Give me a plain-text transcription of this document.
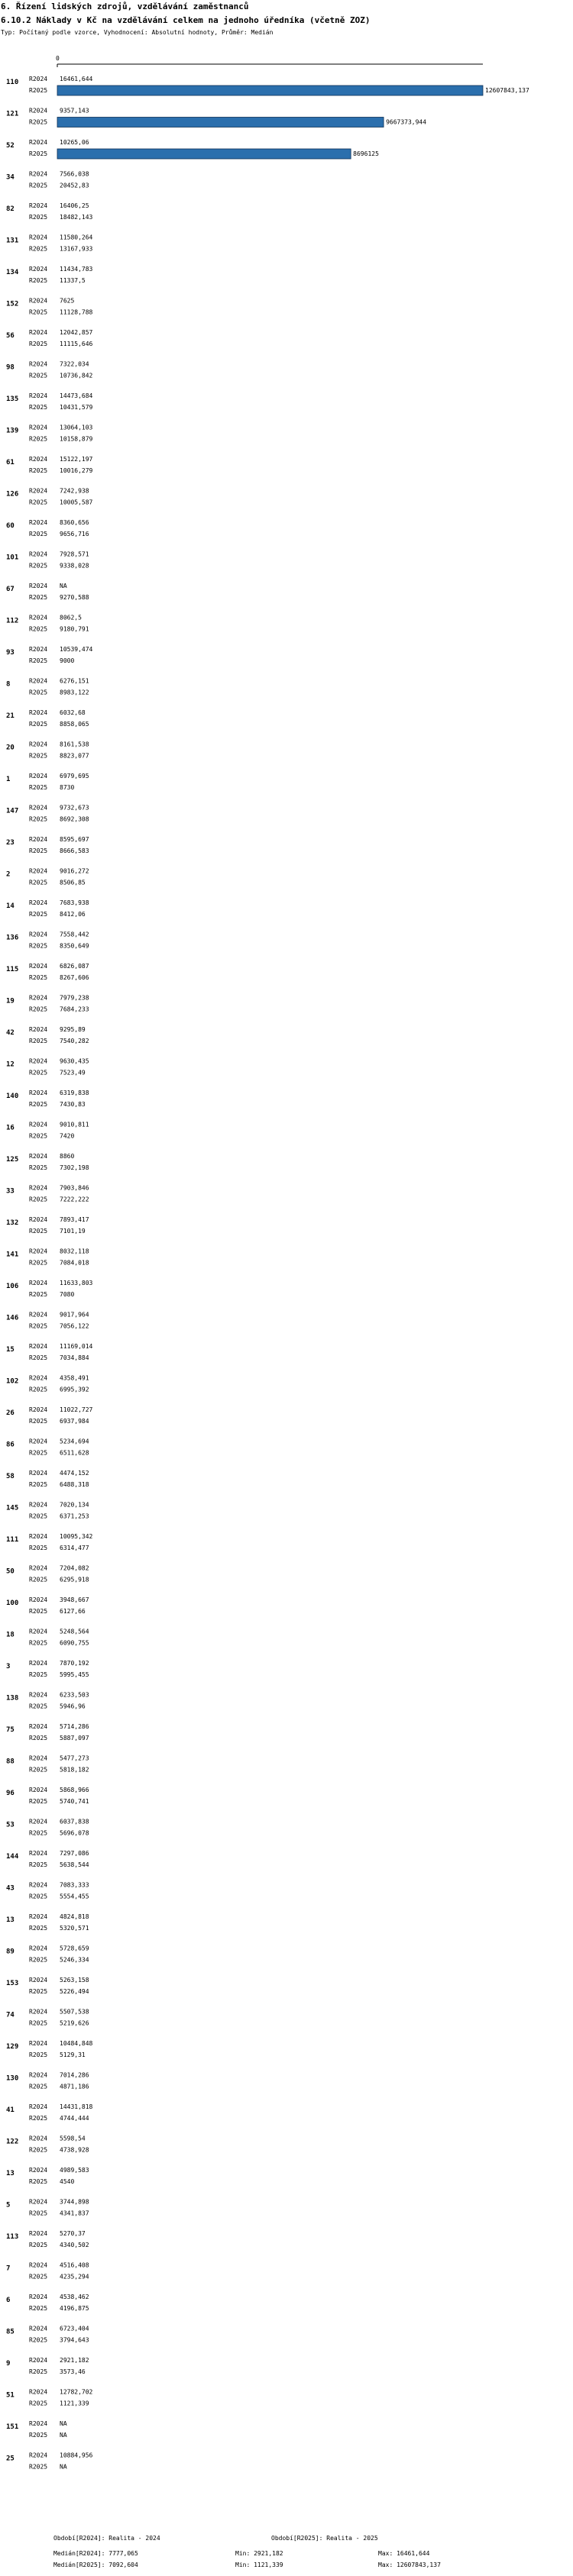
6. Řízení lidských zdrojů, vzdělávání zaměstnanců
6.10.2 Náklady v Kč na vzdělávání celkem na jednoho úředníka (včetně ZOZ)
Typ: Počítaný podle vzorce, Vyhodnocení: Absolutní hodnoty, Průměr: Medián
0
110 R2024 16461,644
R2025	12607843,137
121 R2024 9357,143
R2025	9667373,944
52 R2024 10265,06
R2025	8696125
34 R2024 7566,038
R2025 20452,83
82 R2024 16406,25
R2025 18482,143
131 R2024 11580,264
R2025 13167,933
134 R2024 11434,783
R2025 11337,5
152 R2024 7625
R2025 11128,788
56 R2024 12042,857
R2025 11115,646
98 R2024 7322,034
R2025 10736,842
135 R2024 14473,684
R2025 10431,579
139 R2024 13064,103
R2025 10158,879
61 R2024 15122,197
R2025 10016,279
126 R2024 7242,938
R2025 10005,587
60 R2024 8360,656
R2025 9656,716
101 R2024 7928,571
R2025 9338,028
67 R2024 NA
R2025 9270,588
112 R2024 8062,5
R2025 9180,791
93 R2024 10539,474
R2025 9000
8	R2024 6276,151
R2025 8983,122
21 R2024 6032,68
R2025 8858,065
20 R2024 8161,538
R2025 8823,077
1	R2024 6979,695
R2025 8730
147 R2024 9732,673
R2025 8692,308
23 R2024 8595,697
R2025 8666,583
2	R2024 9016,272
R2025 8506,85
14 R2024 7683,938
R2025 8412,06
136 R2024 7558,442
R2025 8350,649
115 R2024 6826,087
R2025 8267,606
19 R2024 7979,238
R2025 7684,233
42 R2024 9295,89
R2025 7540,282
12 R2024 9630,435
R2025 7523,49
140 R2024 6319,838
R2025 7430,83
16 R2024 9010,811
R2025 7420
125 R2024 8860
R2025 7302,198
33 R2024 7903,846
R2025 7222,222
132 R2024 7893,417
R2025 7101,19
141 R2024 8032,118
R2025 7084,018
106 R2024 11633,803
R2025 7080
146 R2024 9017,964
R2025 7056,122
15 R2024 11169,014
R2025 7034,884
102 R2024 4358,491
R2025 6995,392
26 R2024 11022,727
R2025 6937,984
86 R2024 5234,694
R2025 6511,628
58 R2024 4474,152
R2025 6488,318
145 R2024 7020,134
R2025 6371,253
111 R2024 10095,342
R2025 6314,477
50 R2024 7204,082
R2025 6295,918
100 R2024 3948,667
R2025 6127,66
18 R2024 5248,564
R2025 6090,755
3	R2024 7870,192
R2025 5995,455
138 R2024 6233,503
R2025 5946,96
75 R2024 5714,286
R2025 5887,097
88 R2024 5477,273
R2025 5818,182
96 R2024 5868,966
R2025 5740,741
53 R2024 6037,838
R2025 5696,078
144 R2024 7297,086
R2025 5638,544
43 R2024 7083,333
R2025 5554,455
13 R2024 4824,818
R2025 5320,571
89 R2024 5728,659
R2025 5246,334
153 R2024 5263,158
R2025 5226,494
74 R2024 5507,538
R2025 5219,626
129 R2024 10484,848
R2025 5129,31
130 R2024 7014,286
R2025 4871,186
41 R2024 14431,818
R2025 4744,444
122 R2024 5598,54
R2025 4738,928
13 R2024 4989,583
R2025 4540
5	R2024 3744,898
R2025 4341,837
113 R2024 5270,37
R2025 4340,502
7	R2024 4516,408
R2025 4235,294
6	R2024 4538,462
R2025 4196,875
85 R2024 6723,404
R2025 3794,643
9	R2024 2921,182
R2025 3573,46
51 R2024 12782,702
R2025 1121,339
151 R2024 NA
R2025 NA
25 R2024 10884,956
R2025 NA
Období[R2024]: Realita - 2024	Období[R2025]: Realita - 2025
Medián[R2024]: 7777,065	Min: 2921,182	Max: 16461,644
Medián[R2025]: 7092,604	Min: 1121,339	Max: 12607843,137
